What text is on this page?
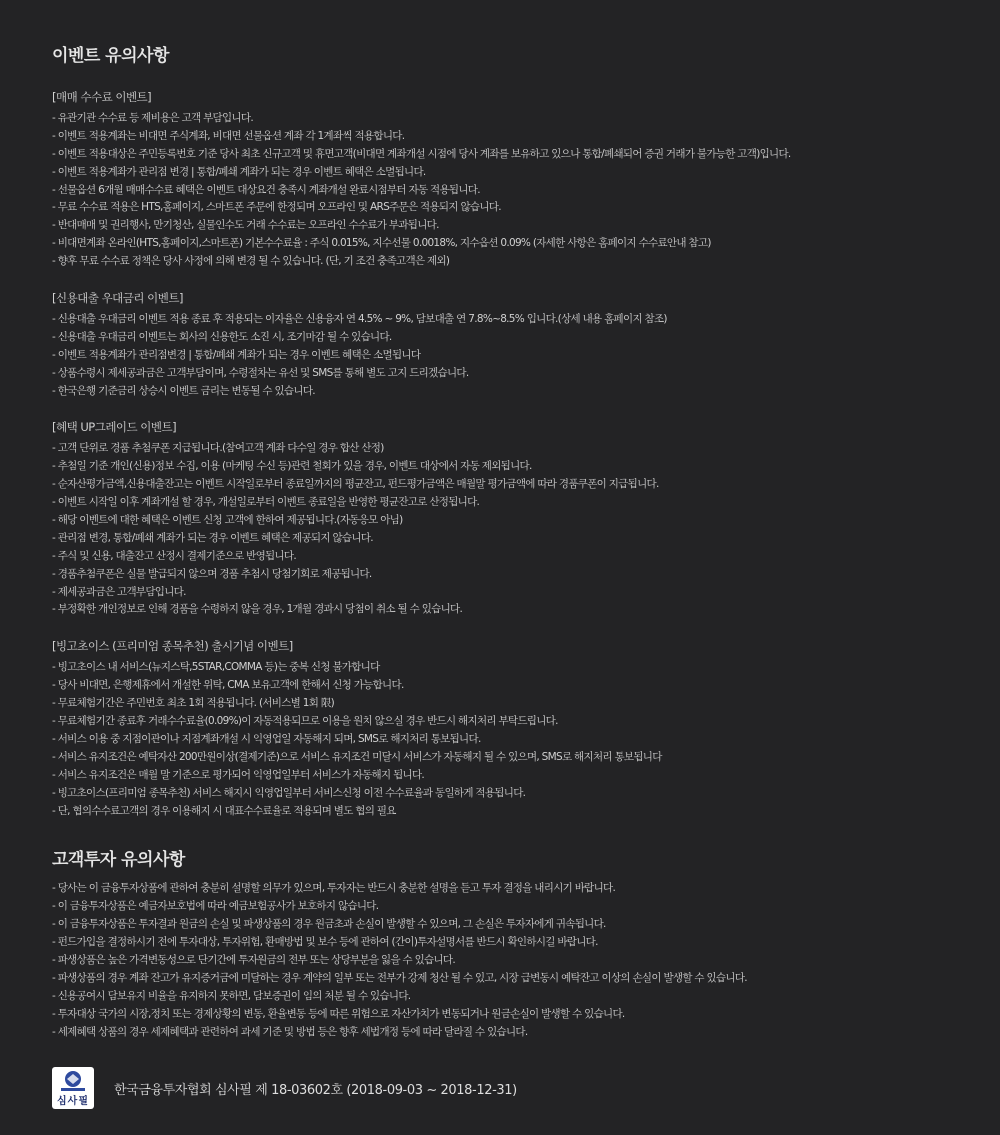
이벤트 유의사항
[매매 수수료 이벤트]
- 유관기관 수수료 등 제비용은 고객 부담입니다.
- 이벤트 적용계좌는 비대면 주식계좌, 비대면 선물옵션 계좌 각 1계좌씩 적용합니다.
- 이벤트 적용대상은 주민등록번호 기준 당사 최초 신규고객 및 휴면고객(비대면 계좌개설 시점에 당사 계좌를 보유하고 있으나 통합/폐쇄되어 증권 거래가 불가능한 고객)입니다.
- 이벤트 적용계좌가 관리점 변경 | 통합/폐쇄 계좌가 되는 경우 이벤트 혜택은 소멸됩니다.
- 선물옵션 6개월 매매수수료 혜택은 이벤트 대상요건 충족시 계좌개설 완료시점부터 자동 적용됩니다.
- 무료 수수료 적용은 HTS,홈페이지, 스마트폰 주문에 한정되며 오프라인 및 ARS주문은 적용되지 않습니다.
- 반대매매 및 권리행사, 만기청산, 실물인수도 거래 수수료는 오프라인 수수료가 부과됩니다.
- 비대면계좌 온라인(HTS,홈페이지,스마트폰) 기본수수료율 : 주식 0.015%, 지수선물 0.0018%, 지수옵션 0.09% (자세한 사항은 홈페이지 수수료안내 참고)
- 향후 무료 수수료 정책은 당사 사정에 의해 변경 될 수 있습니다. (단, 기 조건 충족고객은 제외)
[신용대출 우대금리 이벤트]
- 신용대출 우대금리 이벤트 적용 종료 후 적용되는 이자율은 신용융자 연 4.5% ~ 9%, 담보대출 연 7.8%~8.5% 입니다.(상세 내용 홈페이지 참조)
- 신용대출 우대금리 이벤트는 회사의 신용한도 소진 시, 조기마감 될 수 있습니다.
- 이벤트 적용계좌가 관리점변경 | 통합/폐쇄 계좌가 되는 경우 이벤트 혜택은 소멸됩니다
- 상품수령시 제세공과금은 고객부담이며, 수령절차는 유선 및 SMS를 통해 별도 고지 드리겠습니다.
- 한국은행 기준금리 상승시 이벤트 금리는 변동될 수 있습니다.
[혜택 UP그레이드 이벤트]
- 고객 단위로 경품 추첨쿠폰 지급됩니다.(참여고객 계좌 다수일 경우 합산 산정)
- 추첨일 기준 개인(신용)정보 수집, 이용 (마케팅 수신 등)관련 철회가 있을 경우, 이벤트 대상에서 자동 제외됩니다.
- 순자산평가금액,신용대출잔고는 이벤트 시작일로부터 종료일까지의 평균잔고, 펀드평가금액은 매월말 평가금액에 따라 경품쿠폰이 지급됩니다.
- 이벤트 시작일 이후 계좌개설 할 경우, 개설일로부터 이벤트 종료일을 반영한 평균잔고로 산정됩니다.
- 해당 이벤트에 대한 혜택은 이벤트 신청 고객에 한하여 제공됩니다.(자동응모 아님)
- 관리점 변경, 통합/폐쇄 계좌가 되는 경우 이벤트 혜택은 제공되지 않습니다.
- 주식 및 신용, 대출잔고 산정시 결제기준으로 반영됩니다.
- 경품추첨쿠폰은 실물 발급되지 않으며 경품 추첨시 당첨기회로 제공됩니다.
- 제세공과금은 고객부담입니다.
- 부정확한 개인정보로 인해 경품을 수령하지 않을 경우, 1개월 경과시 당첨이 취소 될 수 있습니다.
[빙고초이스 (프리미엄 종목추천) 출시기념 이벤트]
- 빙고초이스 내 서비스(뉴지스탁,5STAR,COMMA 등)는 중복 신청 불가합니다
- 당사 비대면, 은행제휴에서 개설한 위탁, CMA 보유고객에 한해서 신청 가능합니다.
- 무료체험기간은 주민번호 최초 1회 적용됩니다. (서비스별 1회 限)
- 무료체험기간 종료후 거래수수료율(0.09%)이 자동적용되므로 이용을 원치 않으실 경우 반드시 해지처리 부탁드립니다.
- 서비스 이용 중 지점이관이나 지점계좌개설 시 익영업일 자동해지 되며, SMS로 해지처리 통보됩니다.
- 서비스 유지조건은 예탁자산 200만원이상(결제기준)으로 서비스 유지조건 미달시 서비스가 자동해지 될 수 있으며, SMS로 해지처리 통보됩니다
- 서비스 유지조건은 매월 말 기준으로 평가되어 익영업일부터 서비스가 자동해지 됩니다.
- 빙고초이스(프리미엄 종목추천) 서비스 해지시 익영업일부터 서비스신청 이전 수수료율과 동일하게 적용됩니다.
- 단, 협의수수료고객의 경우 이용해지 시 대표수수료율로 적용되며 별도 협의 필요
고객투자 유의사항
- 당사는 이 금융투자상품에 관하여 충분히 설명할 의무가 있으며, 투자자는 반드시 충분한 설명을 듣고 투자 결정을 내리시기 바랍니다.
- 이 금융투자상품은 예금자보호법에 따라 예금보험공사가 보호하지 않습니다.
- 이 금융투자상품은 투자결과 원금의 손실 및 파생상품의 경우 원금초과 손실이 발생할 수 있으며, 그 손실은 투자자에게 귀속됩니다.
- 펀드가입을 결정하시기 전에 투자대상, 투자위험, 환매방법 및 보수 등에 관하여 (간이)투자설명서를 반드시 확인하시길 바랍니다.
- 파생상품은 높은 가격변동성으로 단기간에 투자원금의 전부 또는 상당부분을 잃을 수 있습니다.
- 파생상품의 경우 계좌 잔고가 유지증거금에 미달하는 경우 계약의 일부 또는 전부가 강제 청산 될 수 있고, 시장 급변동시 예탁잔고 이상의 손실이 발생할 수 있습니다.
- 신용공여시 담보유지 비율을 유지하지 못하면, 담보증권이 임의 처분 될 수 있습니다.
- 투자대상 국가의 시장,정치 또는 경제상황의 변동, 환율변동 등에 따른 위험으로 자산가치가 변동되거나 원금손실이 발생할 수 있습니다.
- 세제혜택 상품의 경우 세제혜택과 관련하여 과세 기준 및 방법 등은 향후 세법개정 등에 따라 달라질 수 있습니다.
심사필
한국금융투자협회 심사필 제 18-03602호 (2018-09-03 ~ 2018-12-31)
